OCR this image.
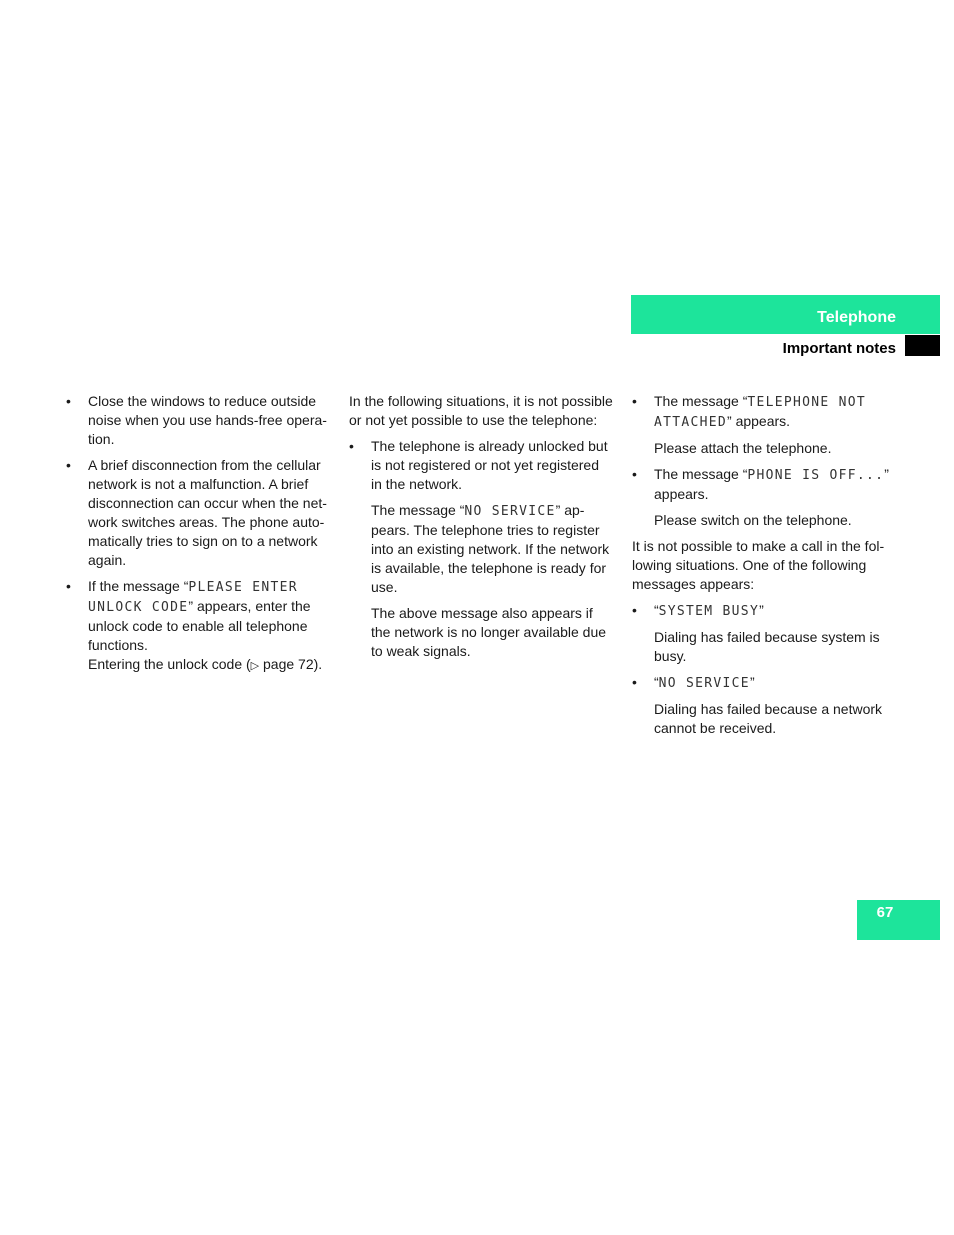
Telephone
Important notes
• Close the windows to reduce outside noise when you use hands-free opera-tion.
• A brief disconnection from the cellular network is not a malfunction. A brief disconnection can occur when the net-work switches areas. The phone auto-matically tries to sign on to a network again.
• If the message “PLEASE ENTER UNLOCK CODE” appears, enter the unlock code to enable all telephone functions.
Entering the unlock code (▷ page 72).

In the following situations, it is not possible or not yet possible to use the telephone:

• The telephone is already unlocked but is not registered or not yet registered in the network.

The message “NO SERVICE” ap-pears. The telephone tries to register into an existing network. If the network is available, the telephone is ready for use.

The above message also appears if the network is no longer available due to weak signals.

• The message “TELEPHONE NOT ATTACHED” appears.

Please attach the telephone.

• The message “PHONE IS OFF...” appears.

Please switch on the telephone.

It is not possible to make a call in the fol-lowing situations. One of the following messages appears:

• “SYSTEM BUSY”

Dialing has failed because system is busy.

• “NO SERVICE”

Dialing has failed because a network cannot be received.

67
